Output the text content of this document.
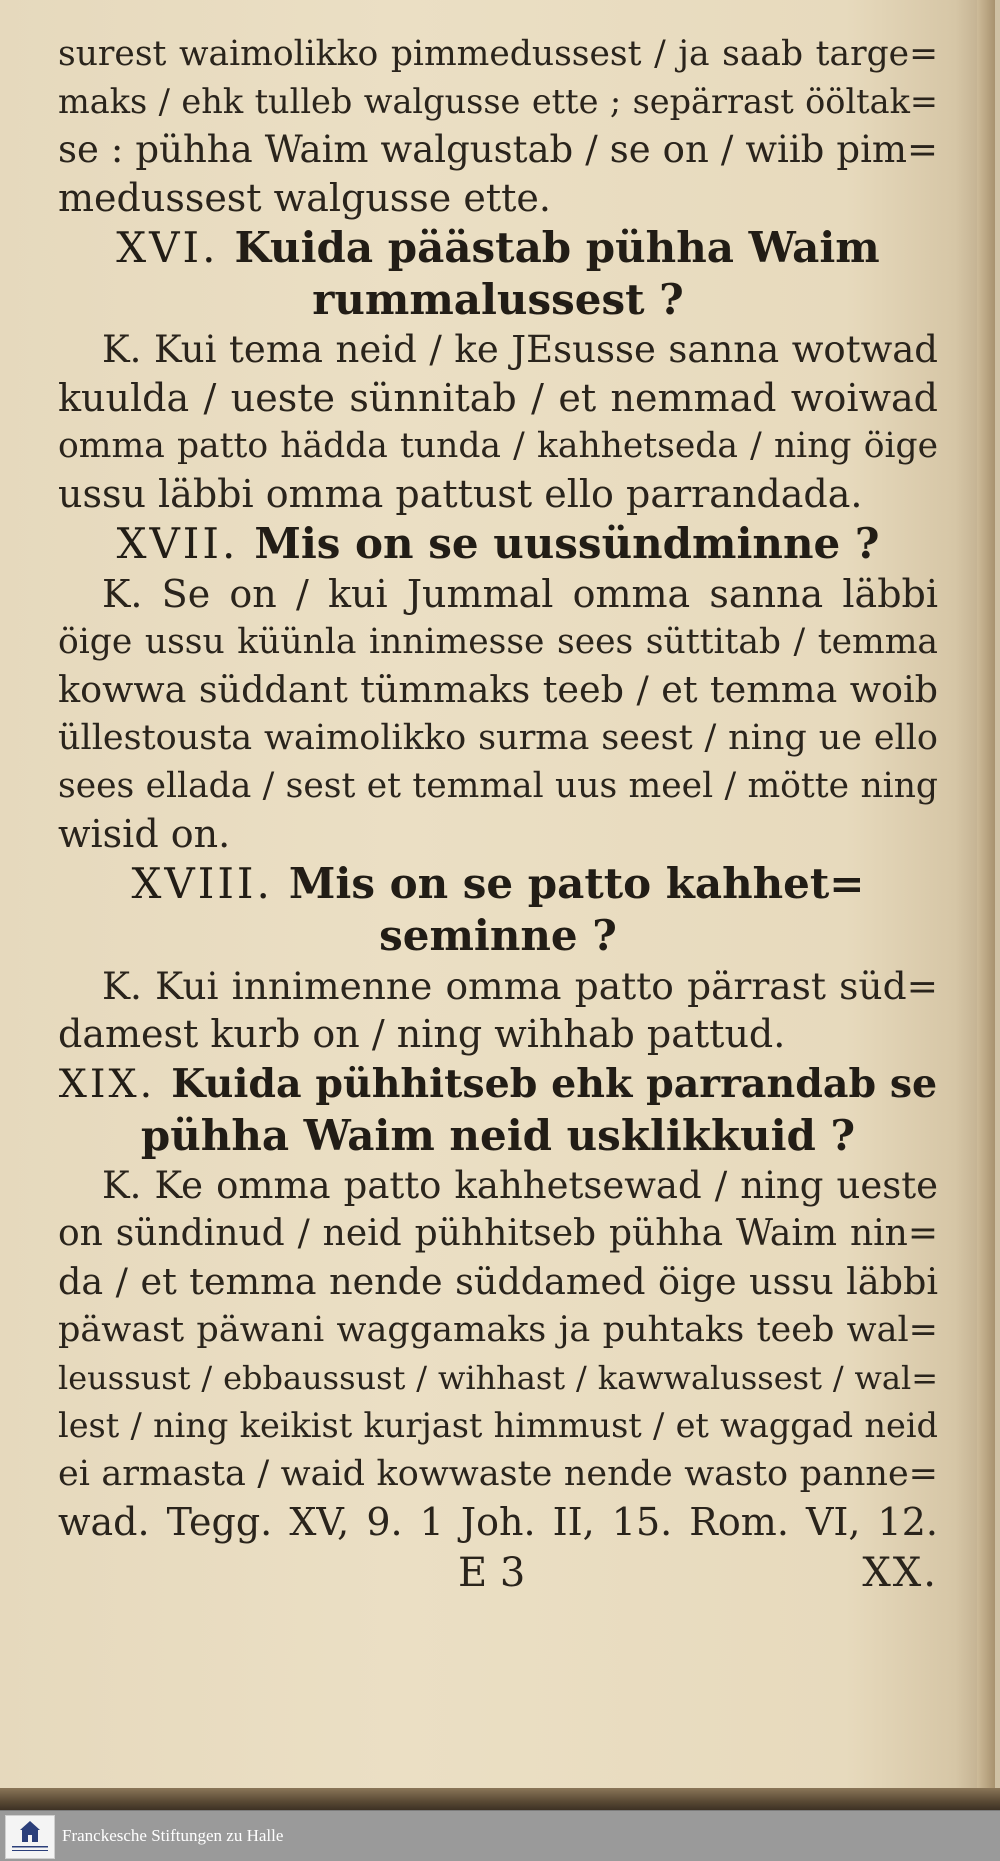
surest waimolikko pimmedussest / ja saab targe=
maks / ehk tulleb walgusse ette ; sepärrast ööltak=
se : pühha Waim walgustab / se on / wiib pim=
medussest walgusse ette.
XVI. Kuida päästab pühha Waim
rummalussest ?
K. Kui tema neid / ke JEsusse sanna wotwad
kuulda / ueste sünnitab / et nemmad woiwad
omma patto hädda tunda / kahhetseda / ning öige
ussu läbbi omma pattust ello parrandada.
XVII. Mis on se uussündminne ?
K. Se on / kui Jummal omma sanna läbbi
öige ussu küünla innimesse sees süttitab / temma
kowwa süddant tümmaks teeb / et temma woib
üllestousta waimolikko surma seest / ning ue ello
sees ellada / sest et temmal uus meel / mötte ning
wisid on.
XVIII. Mis on se patto kahhet=
seminne ?
K. Kui innimenne omma patto pärrast süd=
damest kurb on / ning wihhab pattud.
XIX. Kuida pühhitseb ehk parrandab se
pühha Waim neid usklikkuid ?
K. Ke omma patto kahhetsewad / ning ueste
on sündinud / neid pühhitseb pühha Waim nin=
da / et temma nende süddamed öige ussu läbbi
päwast päwani waggamaks ja puhtaks teeb wal=
leussust / ebbaussust / wihhast / kawwalussest / wal=
lest / ning keikist kurjast himmust / et waggad neid
ei armasta / waid kowwaste nende wasto panne=
wad. Tegg. XV, 9. 1 Joh. II, 15. Rom. VI, 12.
E 3	XX.
Franckesche Stiftungen zu Halle
